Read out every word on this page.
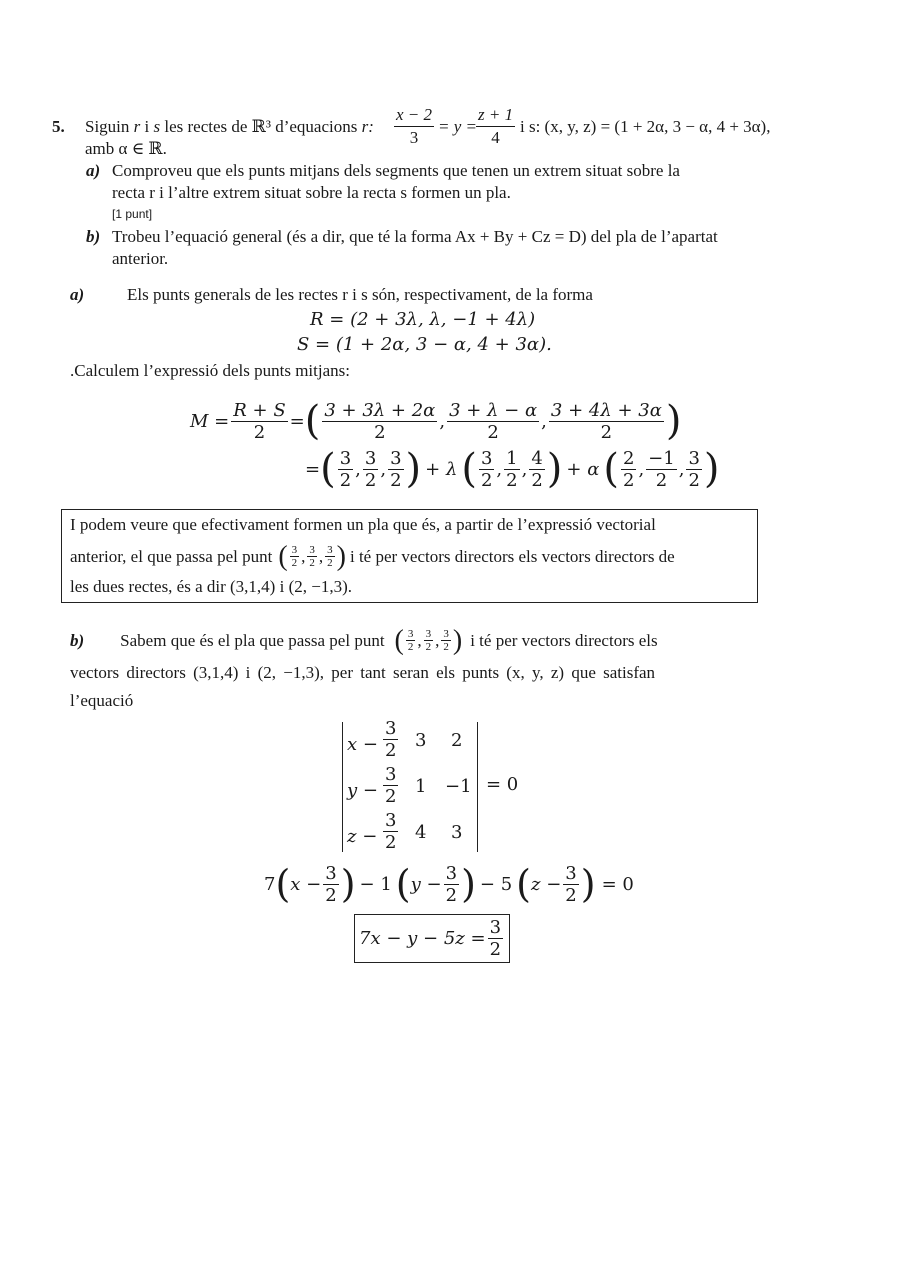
5. Siguin r i s les rectes de ℝ³ d’equacions r: $\frac{x - 2}{3} = y = \frac{z + 1}{4}$ i s: (x, y, z) = (1 + 2α, 3 − α, 4 + 3α),
amb α ∈ ℝ.
a) Comproveu que els punts mitjans dels segments que tenen un extrem situat sobre la
recta r i l’altre extrem situat sobre la recta s formen un pla.
[1 punt]
b) Trobeu l’equació general (és a dir, que té la forma Ax + By + Cz = D) del pla de l’apartat
anterior.
a)	Els punts generals de les rectes r i s són, respectivament, de la forma
R = (2 + 3λ, λ, −1 + 4λ)
S = (1 + 2α, 3 − α, 4 + 3α).
.Calculem l’expressió dels punts mitjans:
$M = \frac{R + S}{2}$ = ( $\frac{3 + 3\lambda + 2\alpha}{2}$ , $\frac{3 + \lambda - \alpha}{2}$ , $\frac{3 + 4\lambda + 3\alpha}{2}$ )
= ( $\frac{3}{2}$ , $\frac{3}{2}$ , $\frac{3}{2}$ ) + λ ( $\frac{3}{2}$ , $\frac{1}{2}$ , $\frac{4}{2}$ ) + α ( $\frac{2}{2}$ , $\frac{-1}{2}$ , $\frac{3}{2}$ )
I podem veure que efectivament formen un pla que és, a partir de l’expressió vectorial
anterior, el que passa pel punt ( $\frac{3}{2}$ , $\frac{3}{2}$ , $\frac{3}{2}$ ) i té per vectors directors els vectors directors de
les dues rectes, és a dir (3,1,4) i (2, −1,3).
b) Sabem que és el pla que passa pel punt ( $\frac{3}{2}$ , $\frac{3}{2}$ , $\frac{3}{2}$ ) i té per vectors directors els
vectors directors (3,1,4) i (2, −1,3), per tant seran els punts (x, y, z) que satisfan
l’equació
$x - \frac{3}{2} 3$ 2
$y - \frac{3}{2} 1 -1$
$z - \frac{3}{2} 4$ 3
= 0
7 ( $x - \frac{3}{2}$ ) − 1 ( $y - \frac{3}{2}$ ) − 5 ( $z - \frac{3}{2}$ ) = 0
$7x - y - 5z = \frac{3}{2}$
